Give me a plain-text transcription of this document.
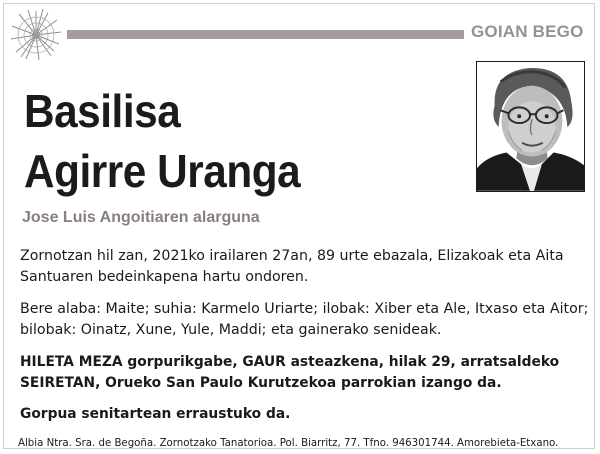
GOIAN BEGO
Basilisa
Agirre Uranga
Jose Luis Angoitiaren alarguna

Zornotzan hil zan, 2021ko irailaren 27an, 89 urte ebazala, Elizakoak eta Aita Santuaren bedeinkapena hartu ondoren.

Bere alaba: Maite; suhia: Karmelo Uriarte; ilobak: Xiber eta Ale, Itxaso eta Aitor; bilobak: Oinatz, Xune, Yule, Maddi; eta gainerako senideak.

HILETA MEZA gorpurikgabe, GAUR asteazkena, hilak 29, arratsaldeko SEIRETAN, Orueko San Paulo Kurutzekoa parrokian izango da.

Gorpua senitartean erraustuko da.

Albia Ntra. Sra. de Begoña. Zornotzako Tanatorioa. Pol. Biarritz, 77. Tfno. 946301744. Amorebieta-Etxano.
